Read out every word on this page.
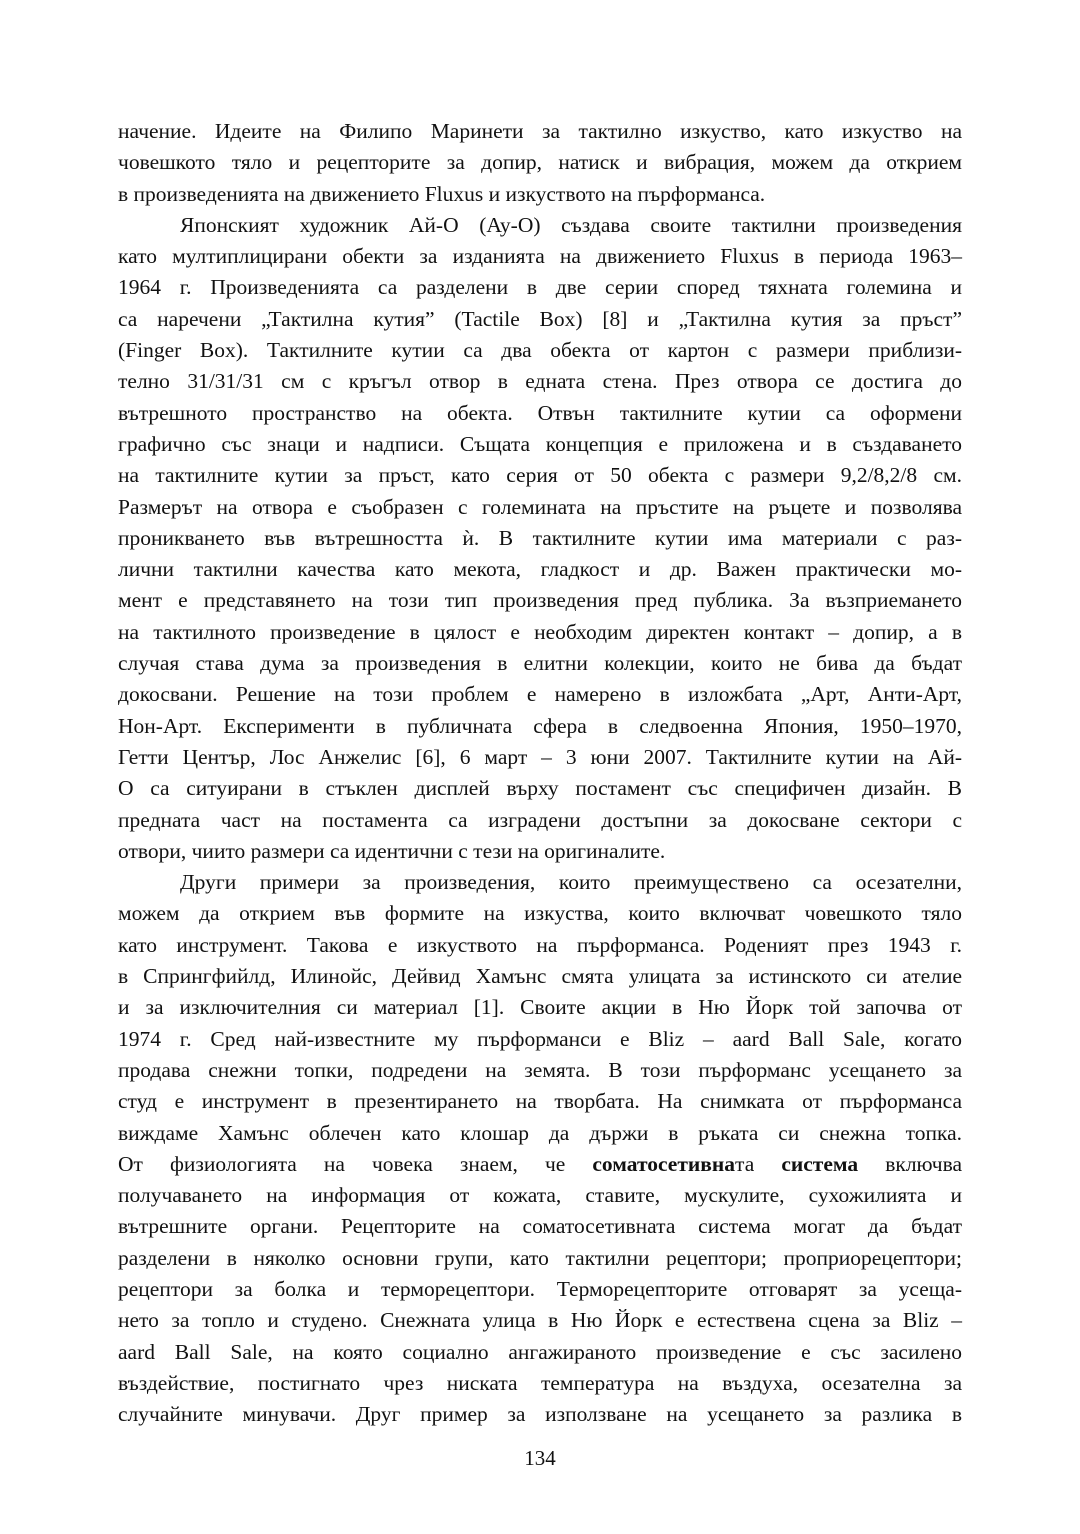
начение. Идеите на Филипо Маринети за тактилно изкуство, като изкуство на
човешкото тяло и рецепторите за допир, натиск и вибрация, можем да открием
в произведенията на движението Fluxus и изкуството на пърформанса.
Японският художник Ай-О (Ay-O) създава своите тактилни произведения
като мултиплицирани обекти за изданията на движението Fluxus в периода 1963–
1964 г. Произведенията са разделени в две серии според тяхната големина и
са наречени „Тактилна кутия” (Tactile Box) [8] и „Тактилна кутия за пръст”
(Finger Box). Тактилните кутии са два обекта от картон с размери приблизи-
телно 31/31/31 см с кръгъл отвор в едната стена. През отвора се достига до
вътрешното пространство на обекта. Отвън тактилните кутии са оформени
графично със знаци и надписи. Същата концепция е приложена и в създаването
на тактилните кутии за пръст, като серия от 50 обекта с размери 9,2/8,2/8 см.
Размерът на отвора е съобразен с големината на пръстите на ръцете и позволява
проникването във вътрешността ѝ. В тактилните кутии има материали с раз-
лични тактилни качества като мекота, гладкост и др. Важен практически мо-
мент е представянето на този тип произведения пред публика. За възприемането
на тактилното произведение в цялост е необходим директен контакт – допир, а в
случая става дума за произведения в елитни колекции, които не бива да бъдат
докосвани. Решение на този проблем е намерено в изложбата „Арт, Анти-Арт,
Нон-Арт. Експерименти в публичната сфера в следвоенна Япония, 1950–1970,
Гетти Център, Лос Анжелис [6], 6 март – 3 юни 2007. Тактилните кутии на Ай-
О са ситуирани в стъклен дисплей върху постамент със специфичен дизайн. В
предната част на постамента са изградени достъпни за докосване сектори с
отвори, чиито размери са идентични с тези на оригиналите.
Други примери за произведения, които преимуществено са осезателни,
можем да открием във формите на изкуства, които включват човешкото тяло
като инструмент. Такова е изкуството на пърформанса. Роденият през 1943 г.
в Спрингфийлд, Илинойс, Дейвид Хамънс смята улицата за истинското си ателие
и за изключителния си материал [1]. Своите акции в Ню Йорк той започва от
1974 г. Сред най-известните му пърформанси е Bliz – aard Ball Sale, когато
продава снежни топки, подредени на земята. В този пърформанс усещането за
студ е инструмент в презентирането на творбата. На снимката от пърформанса
виждаме Хамънс облечен като клошар да държи в ръката си снежна топка.
От физиологията на човека знаем, че соматосетивната система включва
получаването на информация от кожата, ставите, мускулите, сухожилията и
вътрешните органи. Рецепторите на соматосетивната система могат да бъдат
разделени в няколко основни групи, като тактилни рецептори; проприорецептори;
рецептори за болка и терморецептори. Терморецепторите отговарят за усеща-
нето за топло и студено. Снежната улица в Ню Йорк е естествена сцена за Bliz –
aard Ball Sale, на която социално ангажираното произведение е със засилено
въздействие, постигнато чрез ниската температура на въздуха, осезателна за
случайните минувачи. Друг пример за използване на усещането за разлика в
134
